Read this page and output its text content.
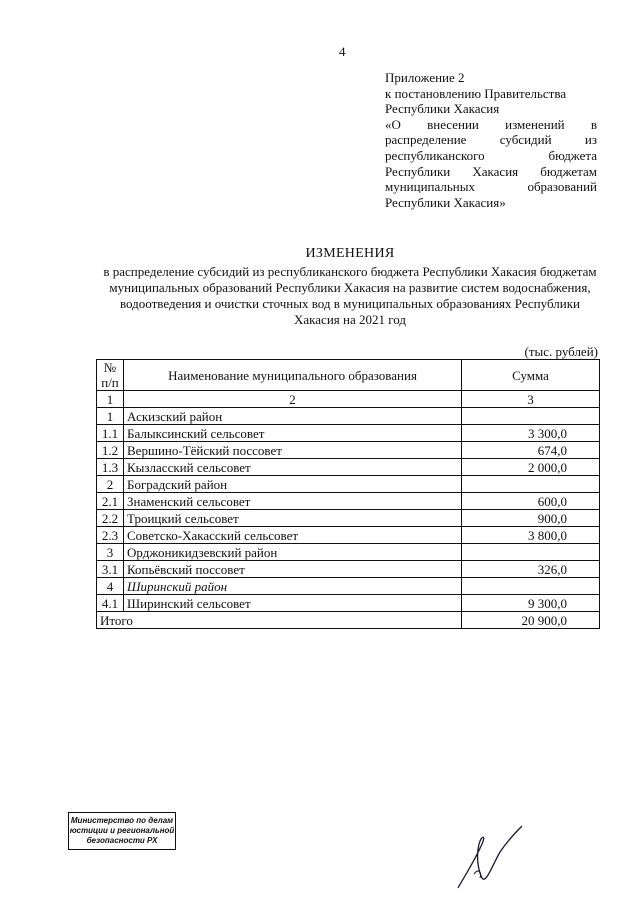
4
Приложение 2
к постановлению Правительства
Республики Хакасия
«О внесении изменений в
распределение субсидий из
республиканского бюджета
Республики Хакасия бюджетам
муниципальных образований
Республики Хакасия»
ИЗМЕНЕНИЯ
в распределение субсидий из республиканского бюджета Республики Хакасия бюджетам муниципальных образований Республики Хакасия на развитие систем водоснабжения, водоотведения и очистки сточных вод в муниципальных образованиях Республики Хакасия на 2021 год
(тыс. рублей)
№ п/п	Наименование муниципального образования	Сумма
1	2	3
1	Аскизский район	
1.1	Балыксинский сельсовет	3 300,0
1.2	Вершино-Тёйский поссовет	674,0
1.3	Кызласский сельсовет	2 000,0
2	Боградский район	
2.1	Знаменский сельсовет	600,0
2.2	Троицкий сельсовет	900,0
2.3	Советско-Хакасский сельсовет	3 800,0
3	Орджоникидзевский район	
3.1	Копьёвский поссовет	326,0
4	Ширинский район	
4.1	Ширинский сельсовет	9 300,0
Итого		20 900,0
Министерство по делам
юстиции и региональной
безопасности РХ
